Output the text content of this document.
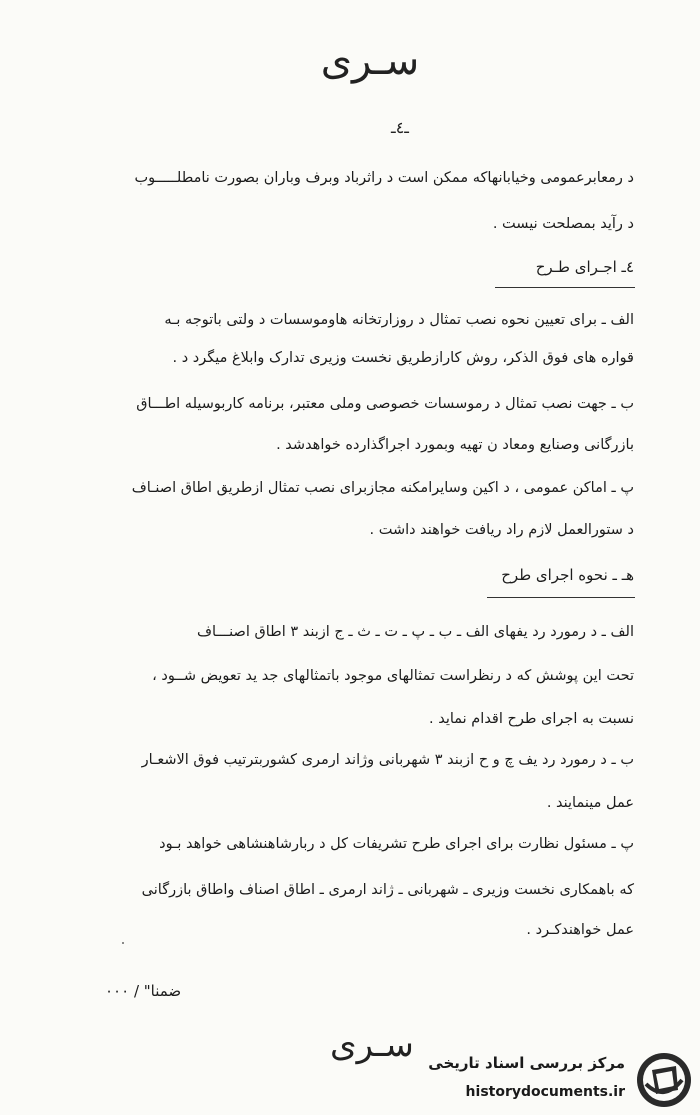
سـری
ـ٤ـ
د رمعابرعمومی وخیابانهاکه ممکن است د راثرباد وبرف وباران بصورت نامطلـــــوب
د رآید بمصلحت نیست .
٤ـ اجـرای طـرح
الف ـ برای تعیین نحوه نصب تمثال د روزارتخانه هاوموسسات د ولتی باتوجه بـه
قواره های فوق الذکر، روش کارازطریق نخست وزیری تدارک وابلاغ میگرد د .
ب ـ جهت نصب تمثال د رموسسات خصوصی وملی معتبر، برنامه کاربوسیله اطـــاق
بازرگانی وصنایع ومعاد ن تهیه وبمورد اجراگذارده خواهدشد .
پ ـ اماکن عمومی ، د اکین وسایرامکنه مجازبرای نصب تمثال ازطریق اطاق اصنـاف
د ستورالعمل لازم راد ریافت خواهند داشت .
هـ ـ نحوه اجرای طرح
الف ـ د رمورد رد یفهای الف ـ ب ـ پ ـ ت ـ ث ـ ج ازبند ٣ اطاق اصنـــاف
تحت این پوشش که د رنظراست تمثالهای موجود باتمثالهای جد ید تعویض شــود ،
نسبت به اجرای طرح اقدام نماید .
ب ـ د رمورد رد یف چ و ح ازبند ٣ شهربانی وژاند ارمری کشوربترتیب فوق الاشعـار
عمل مینمایند .
پ ـ مسئول نظارت برای اجرای طرح تشریفات کل د ربارشاهنشاهی خواهد بـود
که باهمکاری نخست وزیری ـ شهربانی ـ ژاند ارمری ـ اطاق اصناف واطاق بازرگانی
عمل خواهندکـرد .
ضمنا" / ٠٠٠
سـری مرکز بررسی اسناد تاریخی
historydocuments.ir
